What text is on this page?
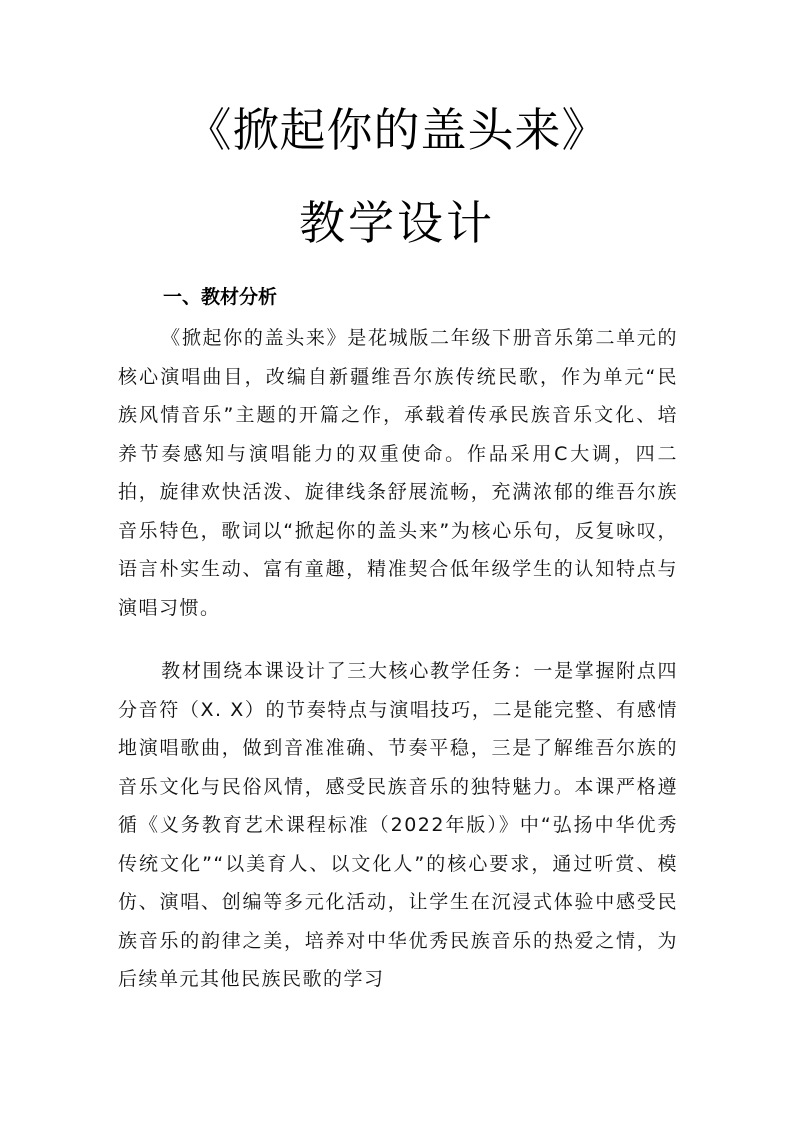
《掀起你的盖头来》
教学设计
一、教材分析

《掀起你的盖头来》是花城版二年级下册音乐第二单元的核心演唱曲目，改编自新疆维吾尔族传统民歌，作为单元“民族风情音乐”主题的开篇之作，承载着传承民族音乐文化、培养节奏感知与演唱能力的双重使命。作品采用C大调，四二拍，旋律欢快活泼、旋律线条舒展流畅，充满浓郁的维吾尔族音乐特色，歌词以“掀起你的盖头来”为核心乐句，反复咏叹，语言朴实生动、富有童趣，精准契合低年级学生的认知特点与演唱习惯。

教材围绕本课设计了三大核心教学任务：一是掌握附点四分音符（X. X）的节奏特点与演唱技巧，二是能完整、有感情地演唱歌曲，做到音准准确、节奏平稳，三是了解维吾尔族的音乐文化与民俗风情，感受民族音乐的独特魅力。本课严格遵循《义务教育艺术课程标准（2022年版）》中“弘扬中华优秀传统文化”“以美育人、以文化人”的核心要求，通过听赏、模仿、演唱、创编等多元化活动，让学生在沉浸式体验中感受民族音乐的韵律之美，培养对中华优秀民族音乐的热爱之情，为后续单元其他民族民歌的学习
